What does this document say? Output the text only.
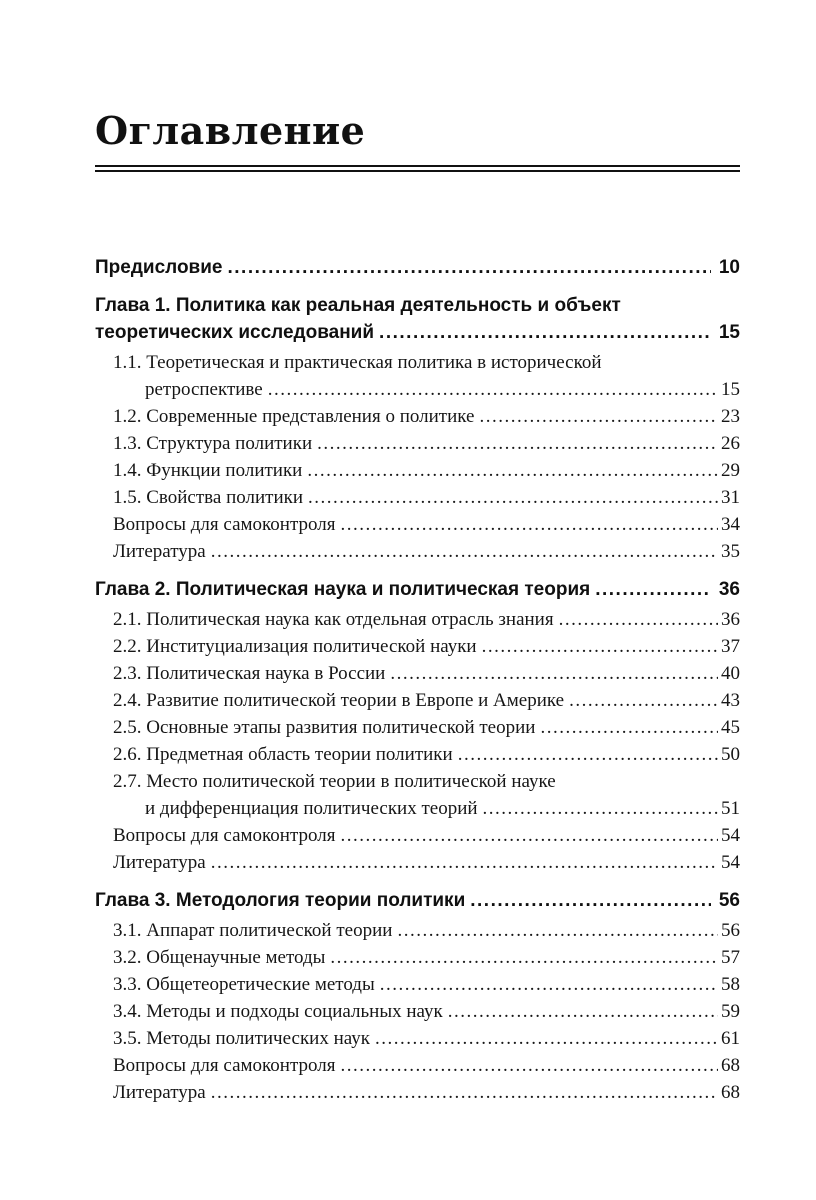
Оглавление
Предисловие .....	10
Глава 1. Политика как реальная деятельность и объект
теоретических исследований .....	15
1.1. Теоретическая и практическая политика в исторической
ретроспективе .....	15
1.2. Современные представления о политике .....	23
1.3. Структура политики .....	26
1.4. Функции политики .....	29
1.5. Свойства политики .....	31
Вопросы для самоконтроля .....	34
Литература .....	35
Глава 2. Политическая наука и политическая теория .....	36
2.1. Политическая наука как отдельная отрасль знания .....	36
2.2. Институциализация политической науки .....	37
2.3. Политическая наука в России .....	40
2.4. Развитие политической теории в Европе и Америке .....	43
2.5. Основные этапы развития политической теории .....	45
2.6. Предметная область теории политики .....	50
2.7. Место политической теории в политической науке
и дифференциация политических теорий .....	51
Вопросы для самоконтроля .....	54
Литература .....	54
Глава 3. Методология теории политики .....	56
3.1. Аппарат политической теории .....	56
3.2. Общенаучные методы .....	57
3.3. Общетеоретические методы .....	58
3.4. Методы и подходы социальных наук .....	59
3.5. Методы политических наук .....	61
Вопросы для самоконтроля .....	68
Литература .....	68
